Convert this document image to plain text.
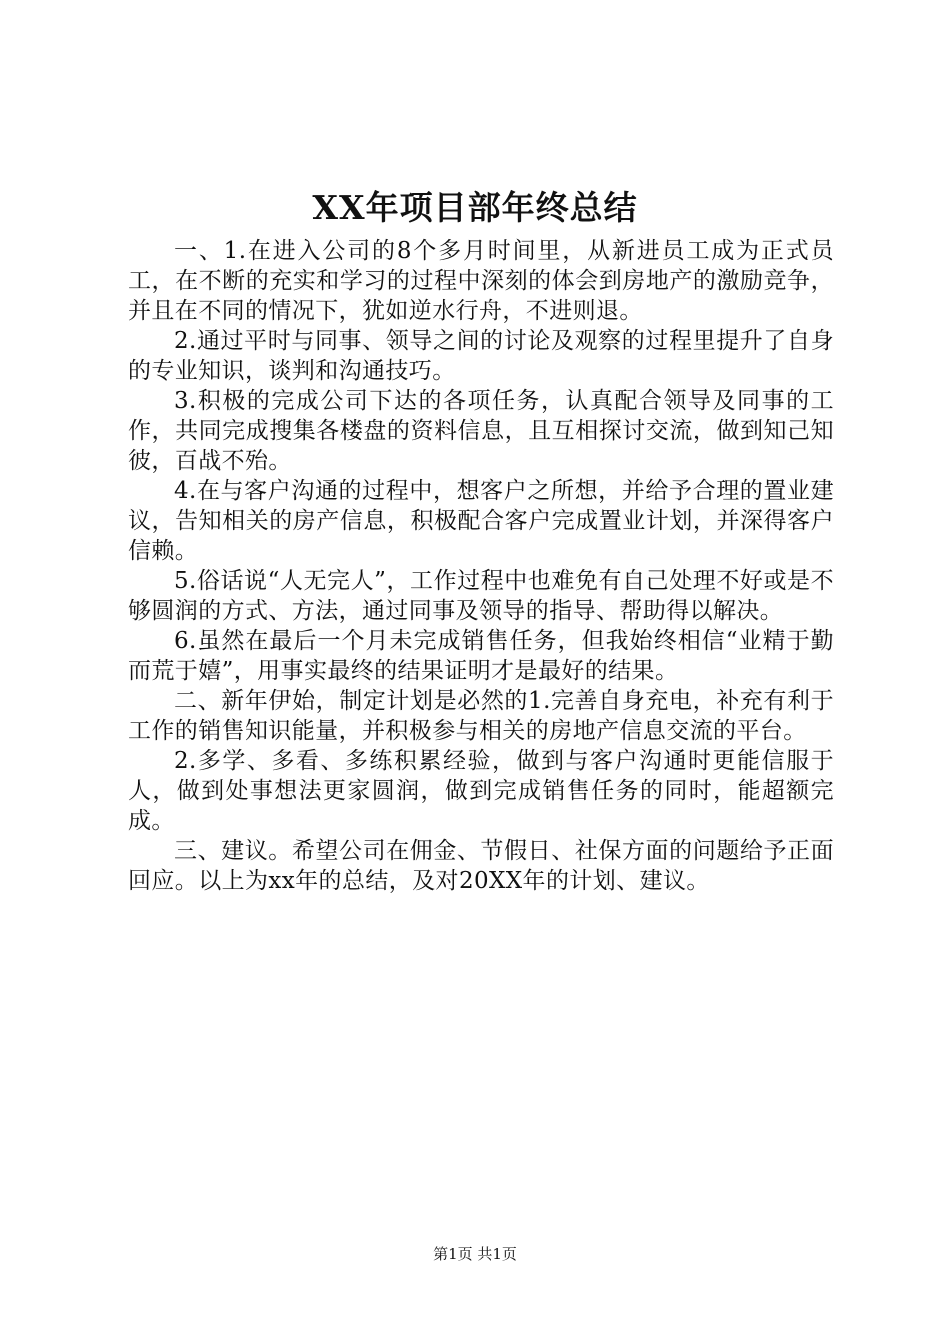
XX年项目部年终总结

一、1.在进入公司的8个多月时间里，从新进员工成为正式员工，在不断的充实和学习的过程中深刻的体会到房地产的激励竞争，并且在不同的情况下，犹如逆水行舟，不进则退。

2.通过平时与同事、领导之间的讨论及观察的过程里提升了自身的专业知识，谈判和沟通技巧。

3.积极的完成公司下达的各项任务，认真配合领导及同事的工作，共同完成搜集各楼盘的资料信息，且互相探讨交流，做到知己知彼，百战不殆。

4.在与客户沟通的过程中，想客户之所想，并给予合理的置业建议，告知相关的房产信息，积极配合客户完成置业计划，并深得客户信赖。

5.俗话说“人无完人”，工作过程中也难免有自己处理不好或是不够圆润的方式、方法，通过同事及领导的指导、帮助得以解决。

6.虽然在最后一个月未完成销售任务，但我始终相信“业精于勤而荒于嬉”，用事实最终的结果证明才是最好的结果。

二、新年伊始，制定计划是必然的1.完善自身充电，补充有利于工作的销售知识能量，并积极参与相关的房地产信息交流的平台。

2.多学、多看、多练积累经验，做到与客户沟通时更能信服于人，做到处事想法更家圆润，做到完成销售任务的同时，能超额完成。

三、建议。希望公司在佣金、节假日、社保方面的问题给予正面回应。以上为xx年的总结，及对20XX年的计划、建议。

第1页 共1页
